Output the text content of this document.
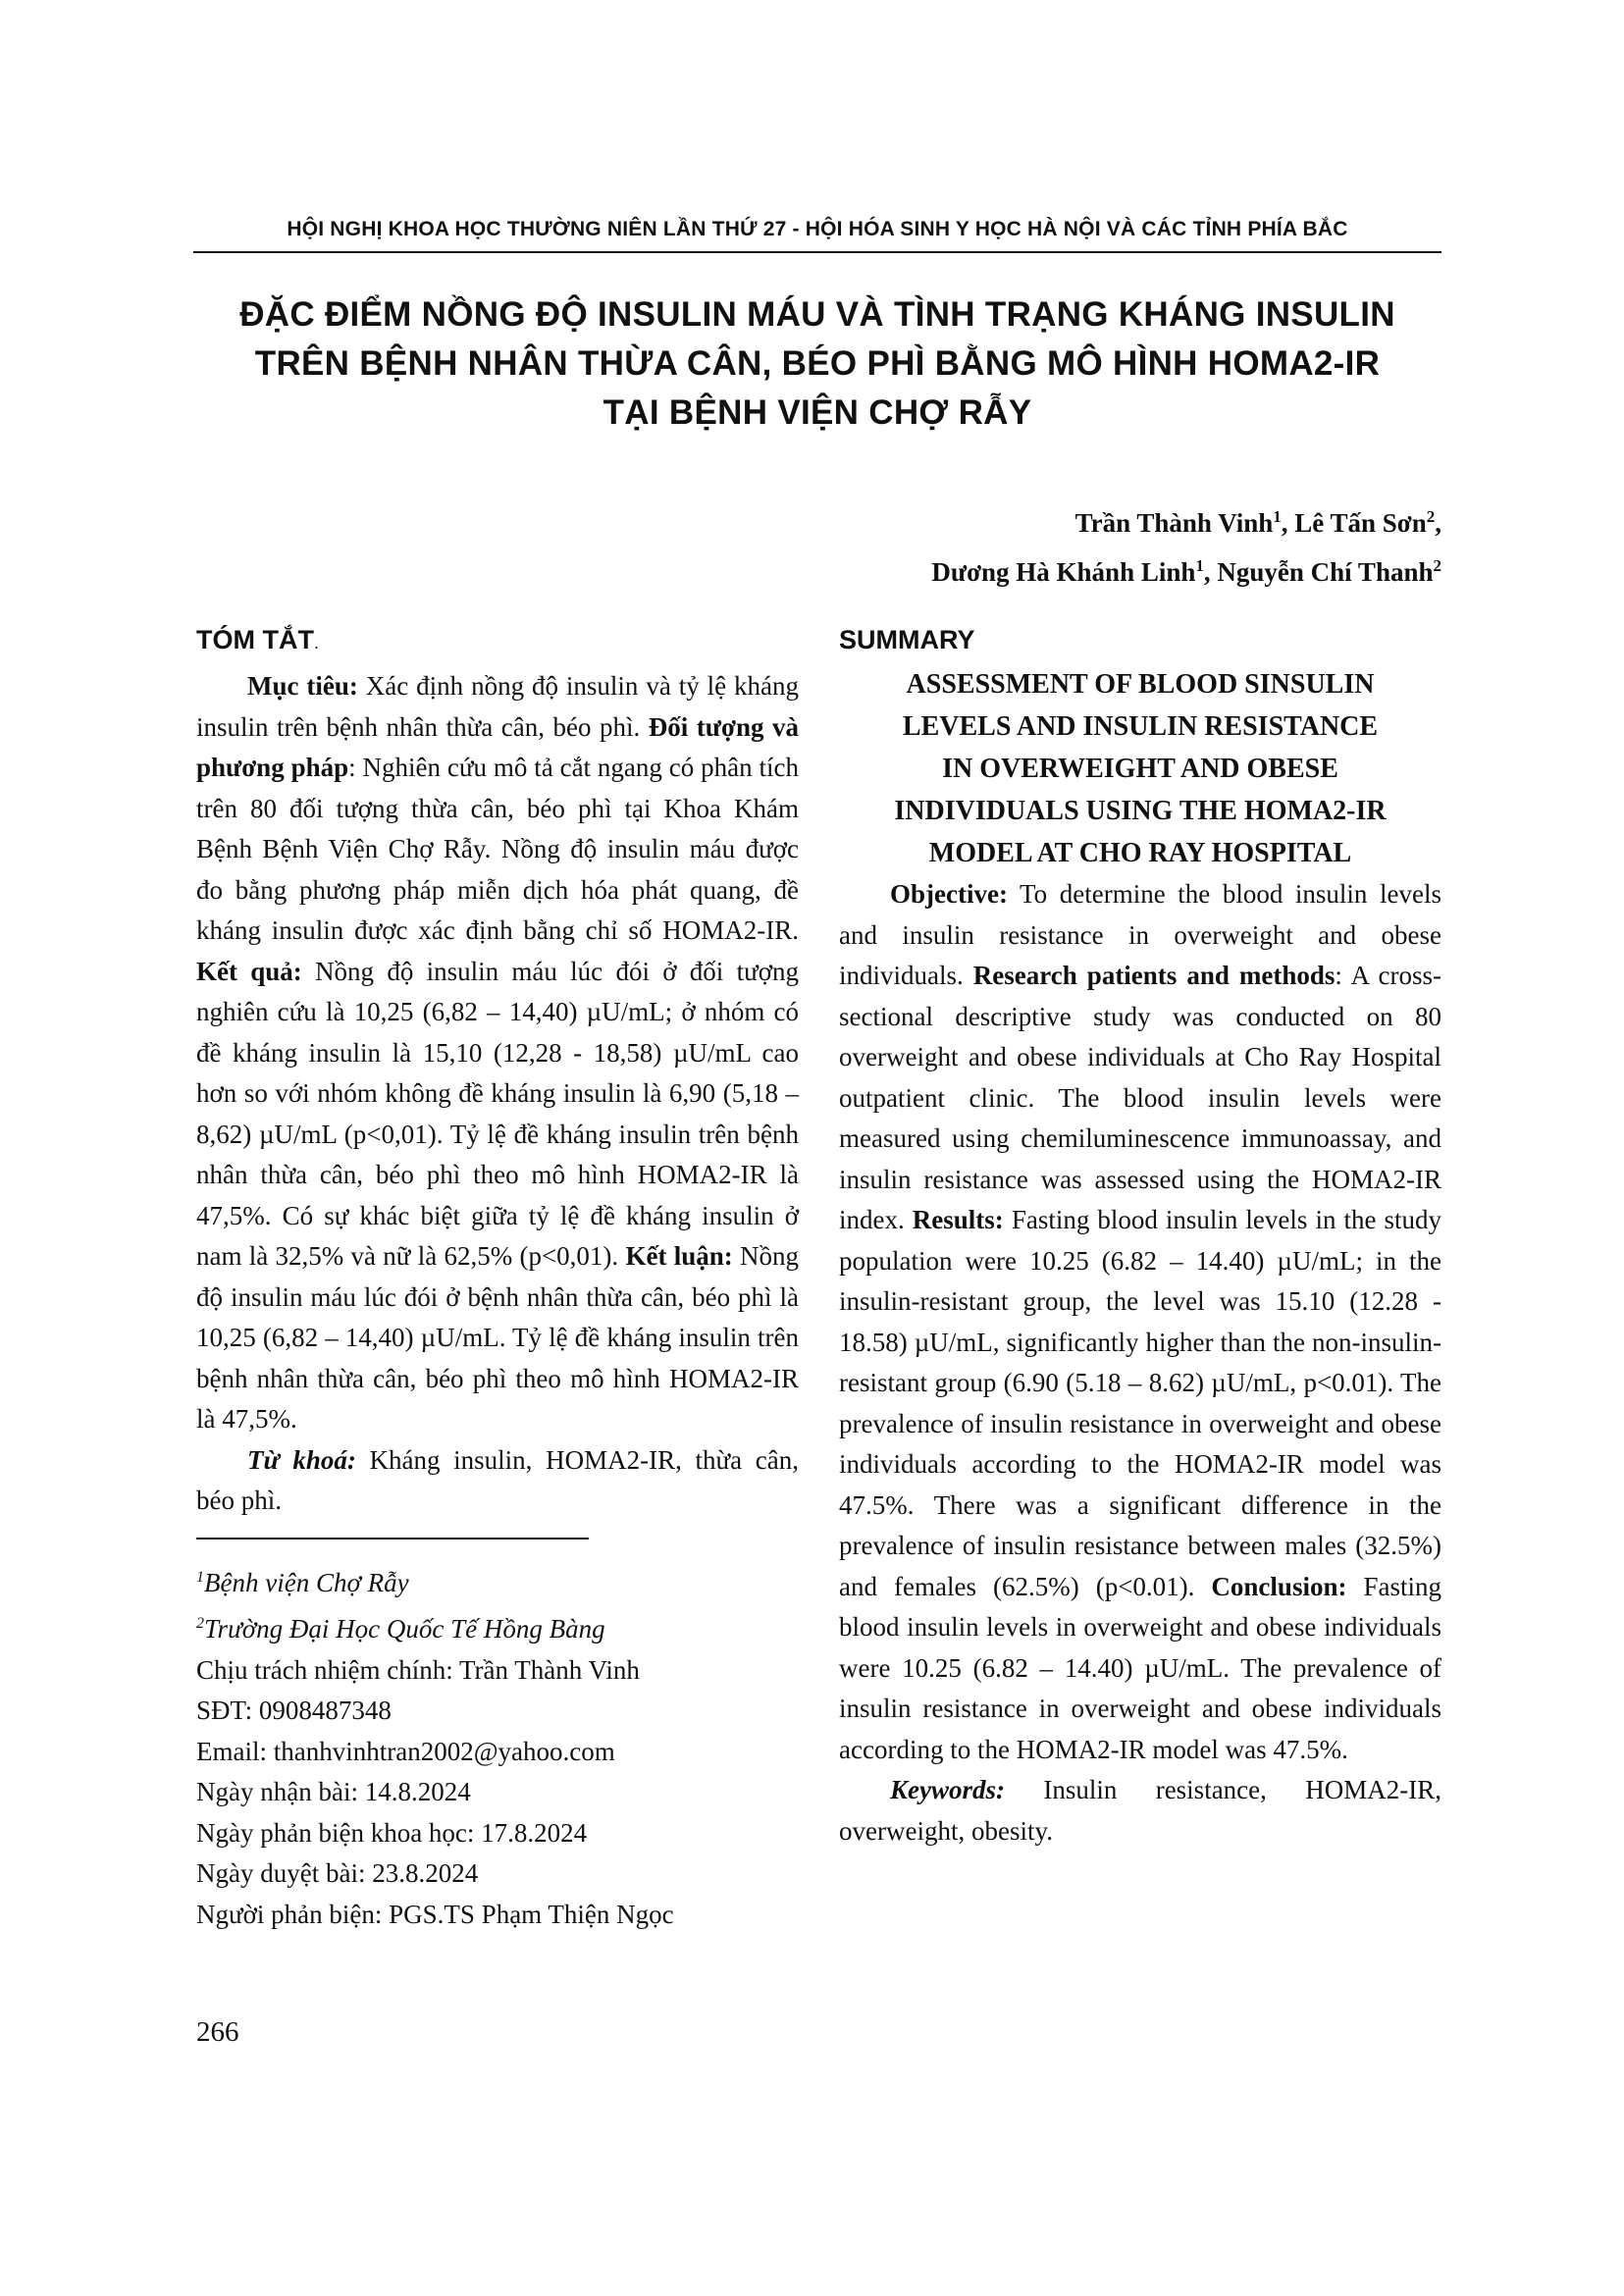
HỘI NGHỊ KHOA HỌC THƯỜNG NIÊN LẦN THỨ 27 - HỘI HÓA SINH Y HỌC HÀ NỘI VÀ CÁC TỈNH PHÍA BẮC
ĐẶC ĐIỂM NỒNG ĐỘ INSULIN MÁU VÀ TÌNH TRẠNG KHÁNG INSULIN
TRÊN BỆNH NHÂN THỪA CÂN, BÉO PHÌ BẰNG MÔ HÌNH HOMA2-IR
TẠI BỆNH VIỆN CHỢ RẪY
Trần Thành Vinh$^1$, Lê Tấn Sơn$^2$,
Dương Hà Khánh Linh$^1$, Nguyễn Chí Thanh$^2$
TÓM TẮT.

Mục tiêu: Xác định nồng độ insulin và tỷ lệ kháng insulin trên bệnh nhân thừa cân, béo phì. Đối tượng và phương pháp: Nghiên cứu mô tả cắt ngang có phân tích trên 80 đối tượng thừa cân, béo phì tại Khoa Khám Bệnh Bệnh Viện Chợ Rẫy. Nồng độ insulin máu được đo bằng phương pháp miễn dịch hóa phát quang, đề kháng insulin được xác định bằng chỉ số HOMA2-IR. Kết quả: Nồng độ insulin máu lúc đói ở đối tượng nghiên cứu là 10,25 (6,82 – 14,40) µU/mL; ở nhóm có đề kháng insulin là 15,10 (12,28 - 18,58) µU/mL cao hơn so với nhóm không đề kháng insulin là 6,90 (5,18 – 8,62) µU/mL (p<0,01). Tỷ lệ đề kháng insulin trên bệnh nhân thừa cân, béo phì theo mô hình HOMA2-IR là 47,5%. Có sự khác biệt giữa tỷ lệ đề kháng insulin ở nam là 32,5% và nữ là 62,5% (p<0,01). Kết luận: Nồng độ insulin máu lúc đói ở bệnh nhân thừa cân, béo phì là 10,25 (6,82 – 14,40) µU/mL. Tỷ lệ đề kháng insulin trên bệnh nhân thừa cân, béo phì theo mô hình HOMA2-IR là 47,5%.

Từ khoá: Kháng insulin, HOMA2-IR, thừa cân, béo phì.

$^1$Bệnh viện Chợ Rẫy

$^2$Trường Đại Học Quốc Tế Hồng Bàng

Chịu trách nhiệm chính: Trần Thành Vinh

SĐT: 0908487348

Email: thanhvinhtran2002@yahoo.com

Ngày nhận bài: 14.8.2024

Ngày phản biện khoa học: 17.8.2024

Ngày duyệt bài: 23.8.2024

Người phản biện: PGS.TS Phạm Thiện Ngọc

SUMMARY
ASSESSMENT OF BLOOD SINSULIN
LEVELS AND INSULIN RESISTANCE
IN OVERWEIGHT AND OBESE
INDIVIDUALS USING THE HOMA2-IR
MODEL AT CHO RAY HOSPITAL

Objective: To determine the blood insulin levels and insulin resistance in overweight and obese individuals. Research patients and methods: A cross-sectional descriptive study was conducted on 80 overweight and obese individuals at Cho Ray Hospital outpatient clinic. The blood insulin levels were measured using chemiluminescence immunoassay, and insulin resistance was assessed using the HOMA2-IR index. Results: Fasting blood insulin levels in the study population were 10.25 (6.82 – 14.40) µU/mL; in the insulin-resistant group, the level was 15.10 (12.28 - 18.58) µU/mL, significantly higher than the non-insulin-resistant group (6.90 (5.18 – 8.62) µU/mL, p<0.01). The prevalence of insulin resistance in overweight and obese individuals according to the HOMA2-IR model was 47.5%. There was a significant difference in the prevalence of insulin resistance between males (32.5%) and females (62.5%) (p<0.01). Conclusion: Fasting blood insulin levels in overweight and obese individuals were 10.25 (6.82 – 14.40) µU/mL. The prevalence of insulin resistance in overweight and obese individuals according to the HOMA2-IR model was 47.5%.

Keywords: Insulin resistance, HOMA2-IR, overweight, obesity.

266
